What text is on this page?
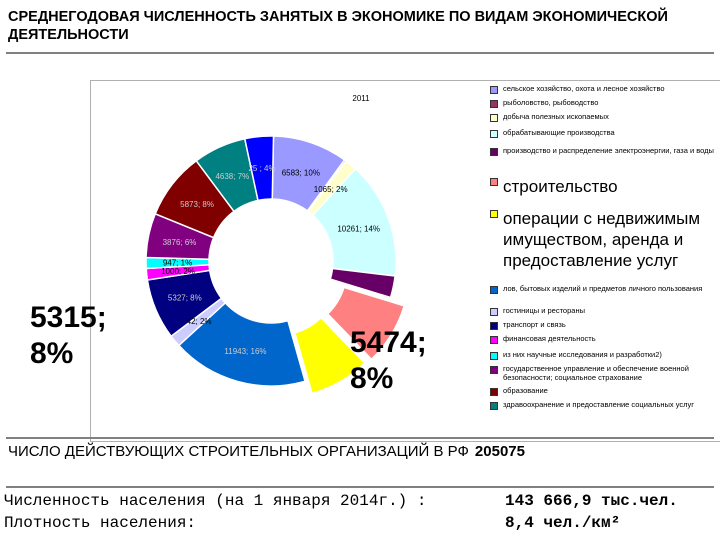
СРЕДНЕГОДОВАЯ ЧИСЛЕННОСТЬ ЗАНЯТЫХ В ЭКОНОМИКЕ ПО ВИДАМ ЭКОНОМИЧЕСКОЙ ДЕЯТЕЛЬНОСТИ
2011
6583; 10%
1065; 2%
10261; 14%
11943; 16%
42; 2%
5327; 8%
1000; 2%
947; 1%
3876; 6%
5873; 8%
4638; 7%
25 ; 4%
сельское хозяйство, охота и лесное хозяйство
рыболовство, рыбоводство
добыча полезных ископаемых
обрабатывающие производства
производство и распределение электроэнергии, газа и воды
строительство
операции с недвижимым имуществом, аренда и предоставление услуг
лов, бытовых изделий и предметов личного пользования
гостиницы и рестораны
транспорт и связь
финансовая деятельность
из них научные исследования и разработки2)
государственное управление и обеспечение военной безопасности; социальное страхование
образование
здравоохранение и предоставление социальных услуг
5315;
8%	5474;
8%
ЧИСЛО ДЕЙСТВУЮЩИХ СТРОИТЕЛЬНЫХ ОРГАНИЗАЦИЙ В РФ 205075
Численность населения (на 1 января 2014г.) :	143 666,9 тыс.чел.
Плотность населения:	8,4 чел./км²
